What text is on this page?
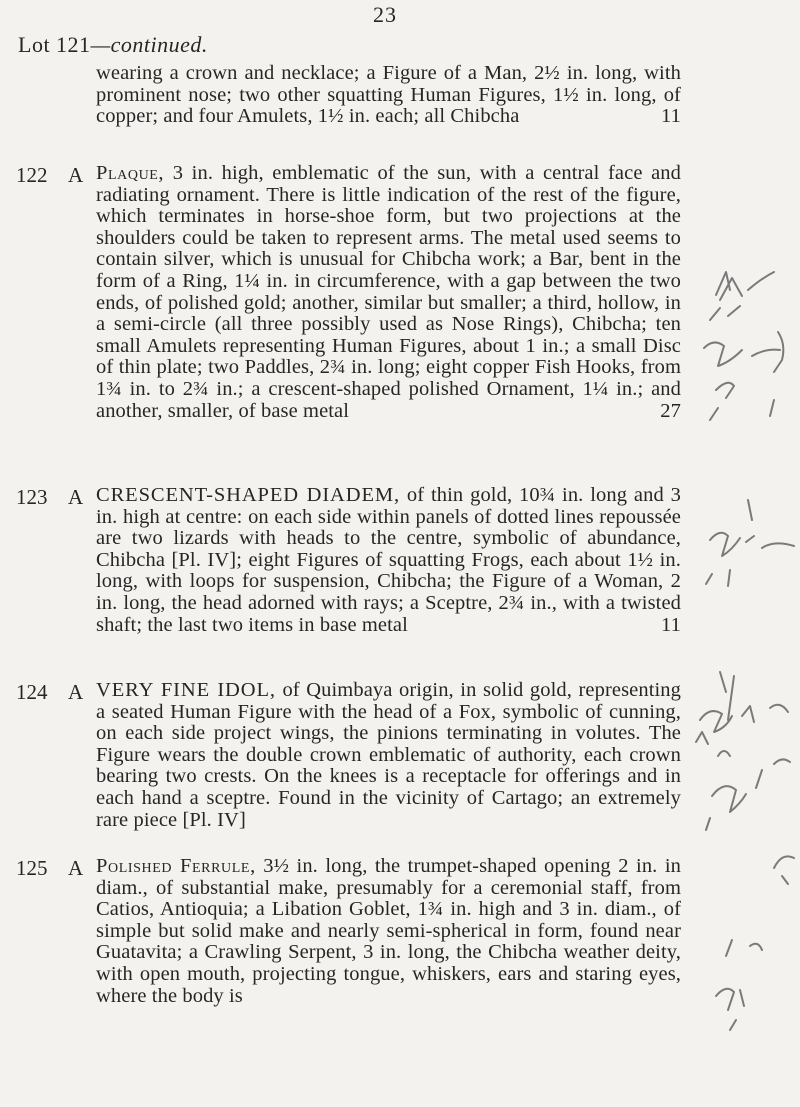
23
Lot 121—continued.
wearing a crown and necklace; a Figure of a Man, 2½ in. long, with prominent nose; two other squatting Human Figures, 1½ in. long, of copper; and four Amulets, 1½ in. each; all Chibcha	11
122 A Plaque, 3 in. high, emblematic of the sun, with a central face and radiating ornament. There is little indication of the rest of the figure, which terminates in horse-shoe form, but two projections at the shoulders could be taken to represent arms. The metal used seems to contain silver, which is unusual for Chibcha work; a Bar, bent in the form of a Ring, 1¼ in. in circumference, with a gap between the two ends, of polished gold; another, similar but smaller; a third, hollow, in a semi-circle (all three possibly used as Nose Rings), Chibcha; ten small Amulets representing Human Figures, about 1 in.; a small Disc of thin plate; two Paddles, 2¾ in. long; eight copper Fish Hooks, from 1¾ in. to 2¾ in.; a crescent-shaped polished Ornament, 1¼ in.; and another, smaller, of base metal	27
123 A CRESCENT-SHAPED DIADEM, of thin gold, 10¾ in. long and 3 in. high at centre: on each side within panels of dotted lines repoussée are two lizards with heads to the centre, symbolic of abundance, Chibcha [Pl. IV]; eight Figures of squatting Frogs, each about 1½ in. long, with loops for suspension, Chibcha; the Figure of a Woman, 2 in. long, the head adorned with rays; a Sceptre, 2¾ in., with a twisted shaft; the last two items in base metal	11
124 A VERY FINE IDOL, of Quimbaya origin, in solid gold, representing a seated Human Figure with the head of a Fox, symbolic of cunning, on each side project wings, the pinions terminating in volutes. The Figure wears the double crown emblematic of authority, each crown bearing two crests. On the knees is a receptacle for offerings and in each hand a sceptre. Found in the vicinity of Cartago; an extremely rare piece [Pl. IV]
125 A Polished Ferrule, 3½ in. long, the trumpet-shaped opening 2 in. in diam., of substantial make, presumably for a ceremonial staff, from Catios, Antioquia; a Libation Goblet, 1¾ in. high and 3 in. diam., of simple but solid make and nearly semi-spherical in form, found near Guatavita; a Crawling Serpent, 3 in. long, the Chibcha weather deity, with open mouth, projecting tongue, whiskers, ears and staring eyes, where the body is
